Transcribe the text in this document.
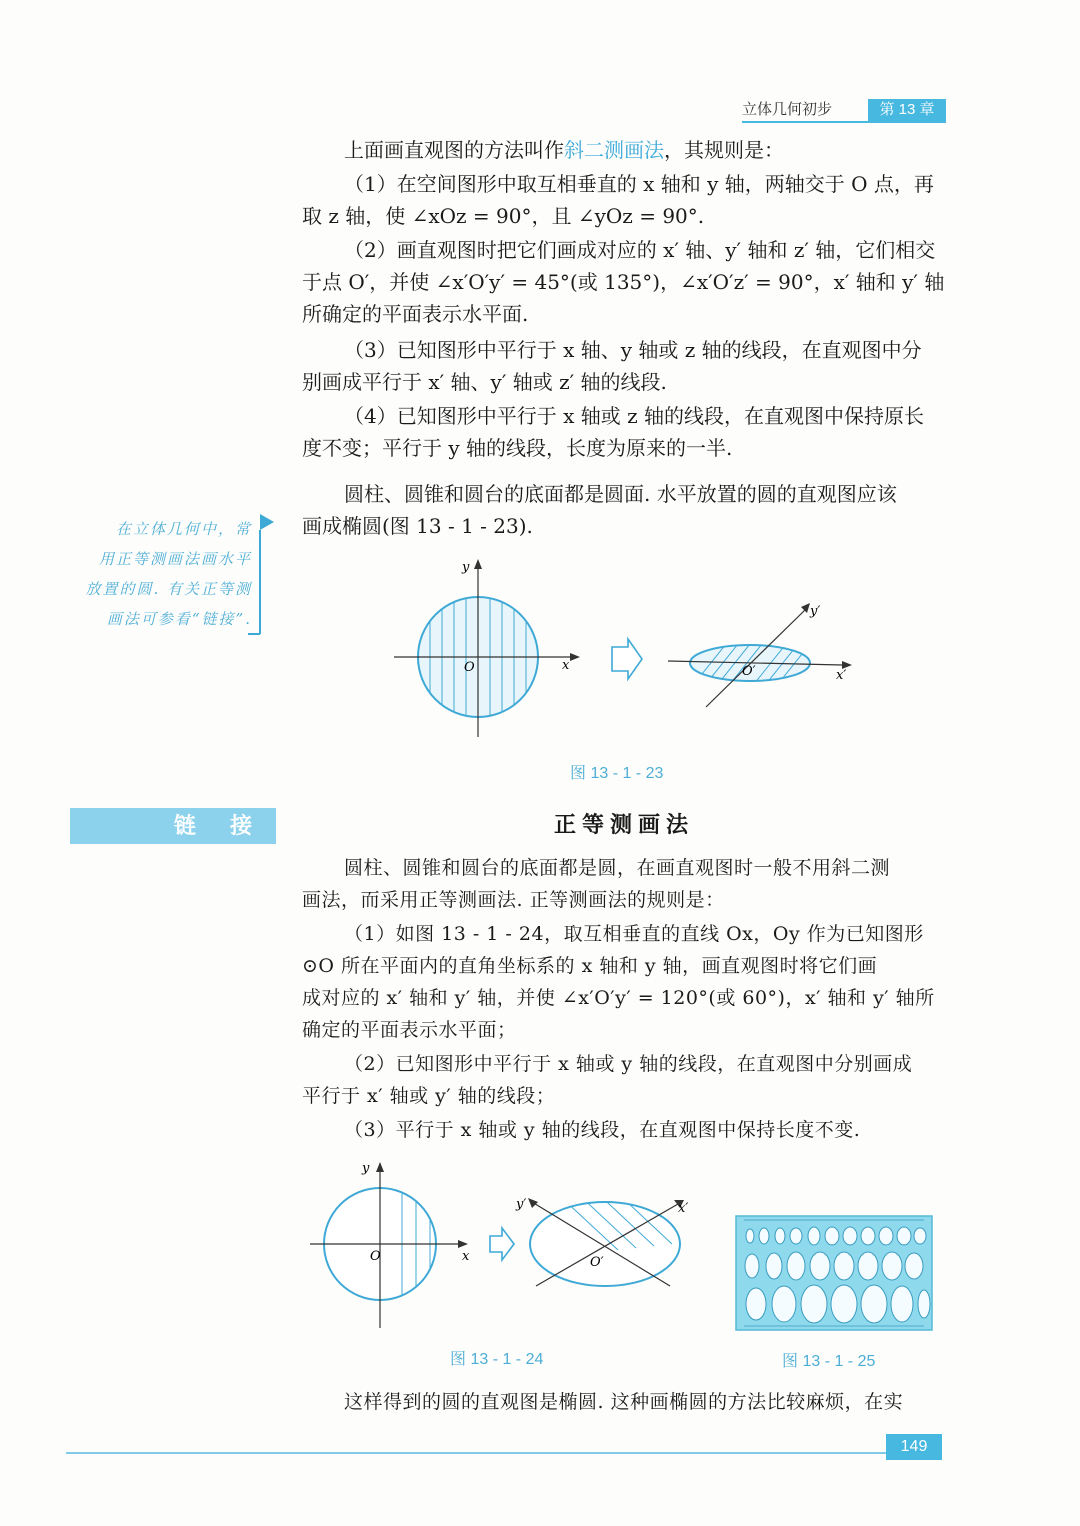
立体几何初步	第 13 章

上面画直观图的方法叫作斜二测画法，其规则是：

（1）在空间图形中取互相垂直的 x 轴和 y 轴，两轴交于 O 点，再
取 z 轴，使 ∠xOz = 90°，且 ∠yOz = 90°.

（2）画直观图时把它们画成对应的 x′ 轴、y′ 轴和 z′ 轴，它们相交
于点 O′，并使 ∠x′O′y′ = 45°(或 135°)，∠x′O′z′ = 90°，x′ 轴和 y′ 轴
所确定的平面表示水平面.

（3）已知图形中平行于 x 轴、y 轴或 z 轴的线段，在直观图中分
别画成平行于 x′ 轴、y′ 轴或 z′ 轴的线段.

（4）已知图形中平行于 x 轴或 z 轴的线段，在直观图中保持原长
度不变；平行于 y 轴的线段，长度为原来的一半.

圆柱、圆锥和圆台的底面都是圆面. 水平放置的圆的直观图应该
画成椭圆(图 13 - 1 - 23).

在立体几何中，常
用正等测画法画水平
放置的圆. 有关正等测
画法可参看“链接”.
y
x
O
y′
x′
O′
图 13 - 1 - 23
链 接	正等测画法

圆柱、圆锥和圆台的底面都是圆，在画直观图时一般不用斜二测
画法，而采用正等测画法. 正等测画法的规则是：

（1）如图 13 - 1 - 24，取互相垂直的直线 Ox，Oy 作为已知图形
⊙O 所在平面内的直角坐标系的 x 轴和 y 轴，画直观图时将它们画
成对应的 x′ 轴和 y′ 轴，并使 ∠x′O′y′ = 120°(或 60°)，x′ 轴和 y′ 轴所
确定的平面表示水平面；

（2）已知图形中平行于 x 轴或 y 轴的线段，在直观图中分别画成
平行于 x′ 轴或 y′ 轴的线段；

（3）平行于 x 轴或 y 轴的线段，在直观图中保持长度不变.

y
x
O
y′	x′
O′
图 13 - 1 - 24	图 13 - 1 - 25

这样得到的圆的直观图是椭圆. 这种画椭圆的方法比较麻烦，在实

149
